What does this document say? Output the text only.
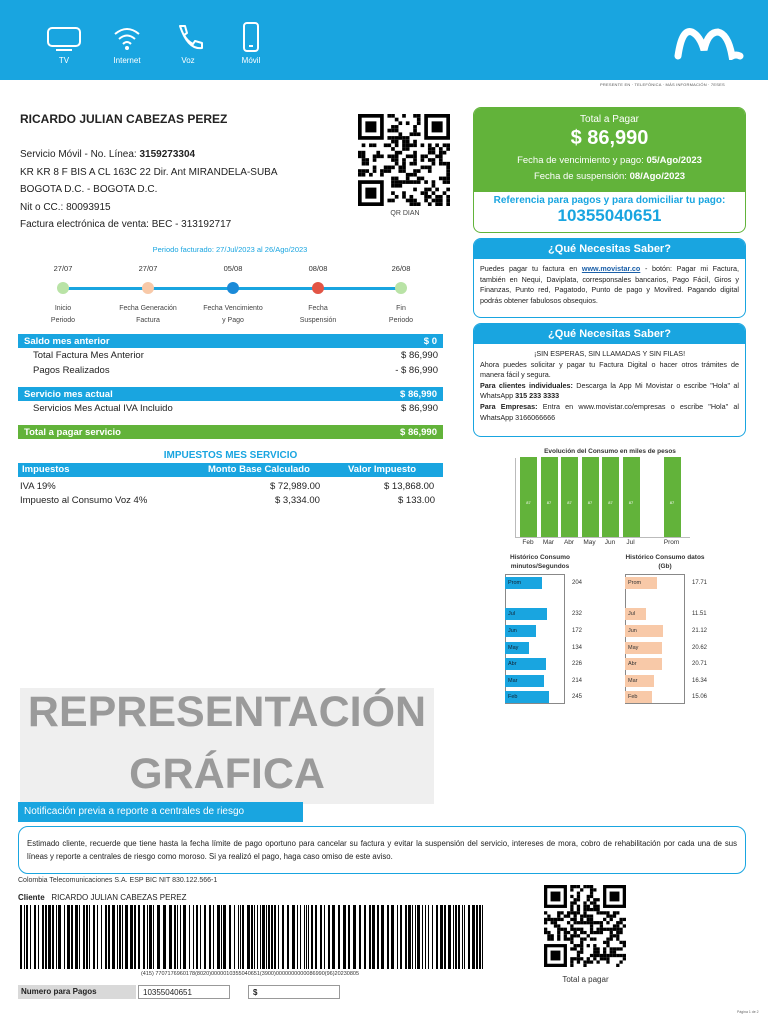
TV	Internet	Voz	Móvil
PRESENTE EN · TELEFÓNICA · MÁS INFORMACIÓN · 7ESES
RICARDO JULIAN CABEZAS PEREZ
Servicio Móvil - No. Línea: 3159273304
KR KR 8 F BIS A CL 163C 22 Dir. Ant MIRANDELA-SUBA
BOGOTA D.C. - BOGOTA D.C.
Nit o CC.: 80093915
Factura electrónica de venta: BEC - 313192717
QR DIAN
Total a Pagar
$ 86,990
Fecha de vencimiento y pago: 05/Ago/2023
Fecha de suspensión: 08/Ago/2023
Referencia para pagos y para domiciliar tu pago:
10355040651
¿Qué Necesitas Saber?
Puedes pagar tu factura en www.movistar.co - botón: Pagar mi Factura, también en Nequi, Daviplata, corresponsales bancarios, Pago Fácil, Giros y Finanzas, Punto red, Pagatodo, Punto de pago y Movilred. Pagando digital podrás obtener fabulosos obsequios.
¿Qué Necesitas Saber?
¡SIN ESPERAS, SIN LLAMADAS Y SIN FILAS!
Ahora puedes solicitar y pagar tu Factura Digital o hacer otros trámites de manera fácil y segura.
Para clientes individuales: Descarga la App Mi Movistar o escribe "Hola" al WhatsApp 315 233 3333
Para Empresas: Entra en www.movistar.co/empresas o escribe "Hola" al WhatsApp 3166066666
Periodo facturado: 27/Jul/2023 al 26/Ago/2023
27/07
Inicio
Periodo
27/07
Fecha Generación
Factura
05/08
Fecha Vencimiento
y Pago
08/08
Fecha
Suspensión
26/08
Fin
Periodo
Saldo mes anterior	$ 0
Total Factura Mes Anterior	$ 86,990
Pagos Realizados	- $ 86,990
Servicio mes actual	$ 86,990
Servicios Mes Actual IVA Incluido	$ 86,990
Total a pagar servicio	$ 86,990
IMPUESTOS MES SERVICIO
Impuestos	Monto Base Calculado	Valor Impuesto
IVA 19%	$ 72,989.00	$ 13,868.00
Impuesto al Consumo Voz 4%	$ 3,334.00	$ 133.00
Evolución del Consumo en miles de pesos
87	87	87	87	87	87	87
Feb	Mar	Abr	May	Jun	Jul	Prom
Histórico Consumo minutos/Segundos
Histórico Consumo datos (Gb)
Prom	204
Jul	232
Jun	172
May	134
Abr	226
Mar	214
Feb	245
Prom	17.71
Jul	11.51
Jun	21.12
May	20.62
Abr	20.71
Mar	16.34
Feb	15.06
REPRESENTACIÓN
GRÁFICA
Notificación previa a reporte a centrales de riesgo
Estimado cliente, recuerde que tiene hasta la fecha límite de pago oportuno para cancelar su factura y evitar la suspensión del servicio, intereses de mora, cobro de rehabilitación por cada una de sus líneas y reporte a centrales de riesgo como moroso. Si ya realizó el pago, haga caso omiso de este aviso.
Colombia Telecomunicaciones S.A. ESP BIC NIT 830.122.566-1
Cliente RICARDO JULIAN CABEZAS PEREZ
(415) 7707176960178(8020)0000010355040651(3900)0000000000086990(96)20230805
Numero para Pagos	10355040651	$
Total a pagar
Página 1 de 2
